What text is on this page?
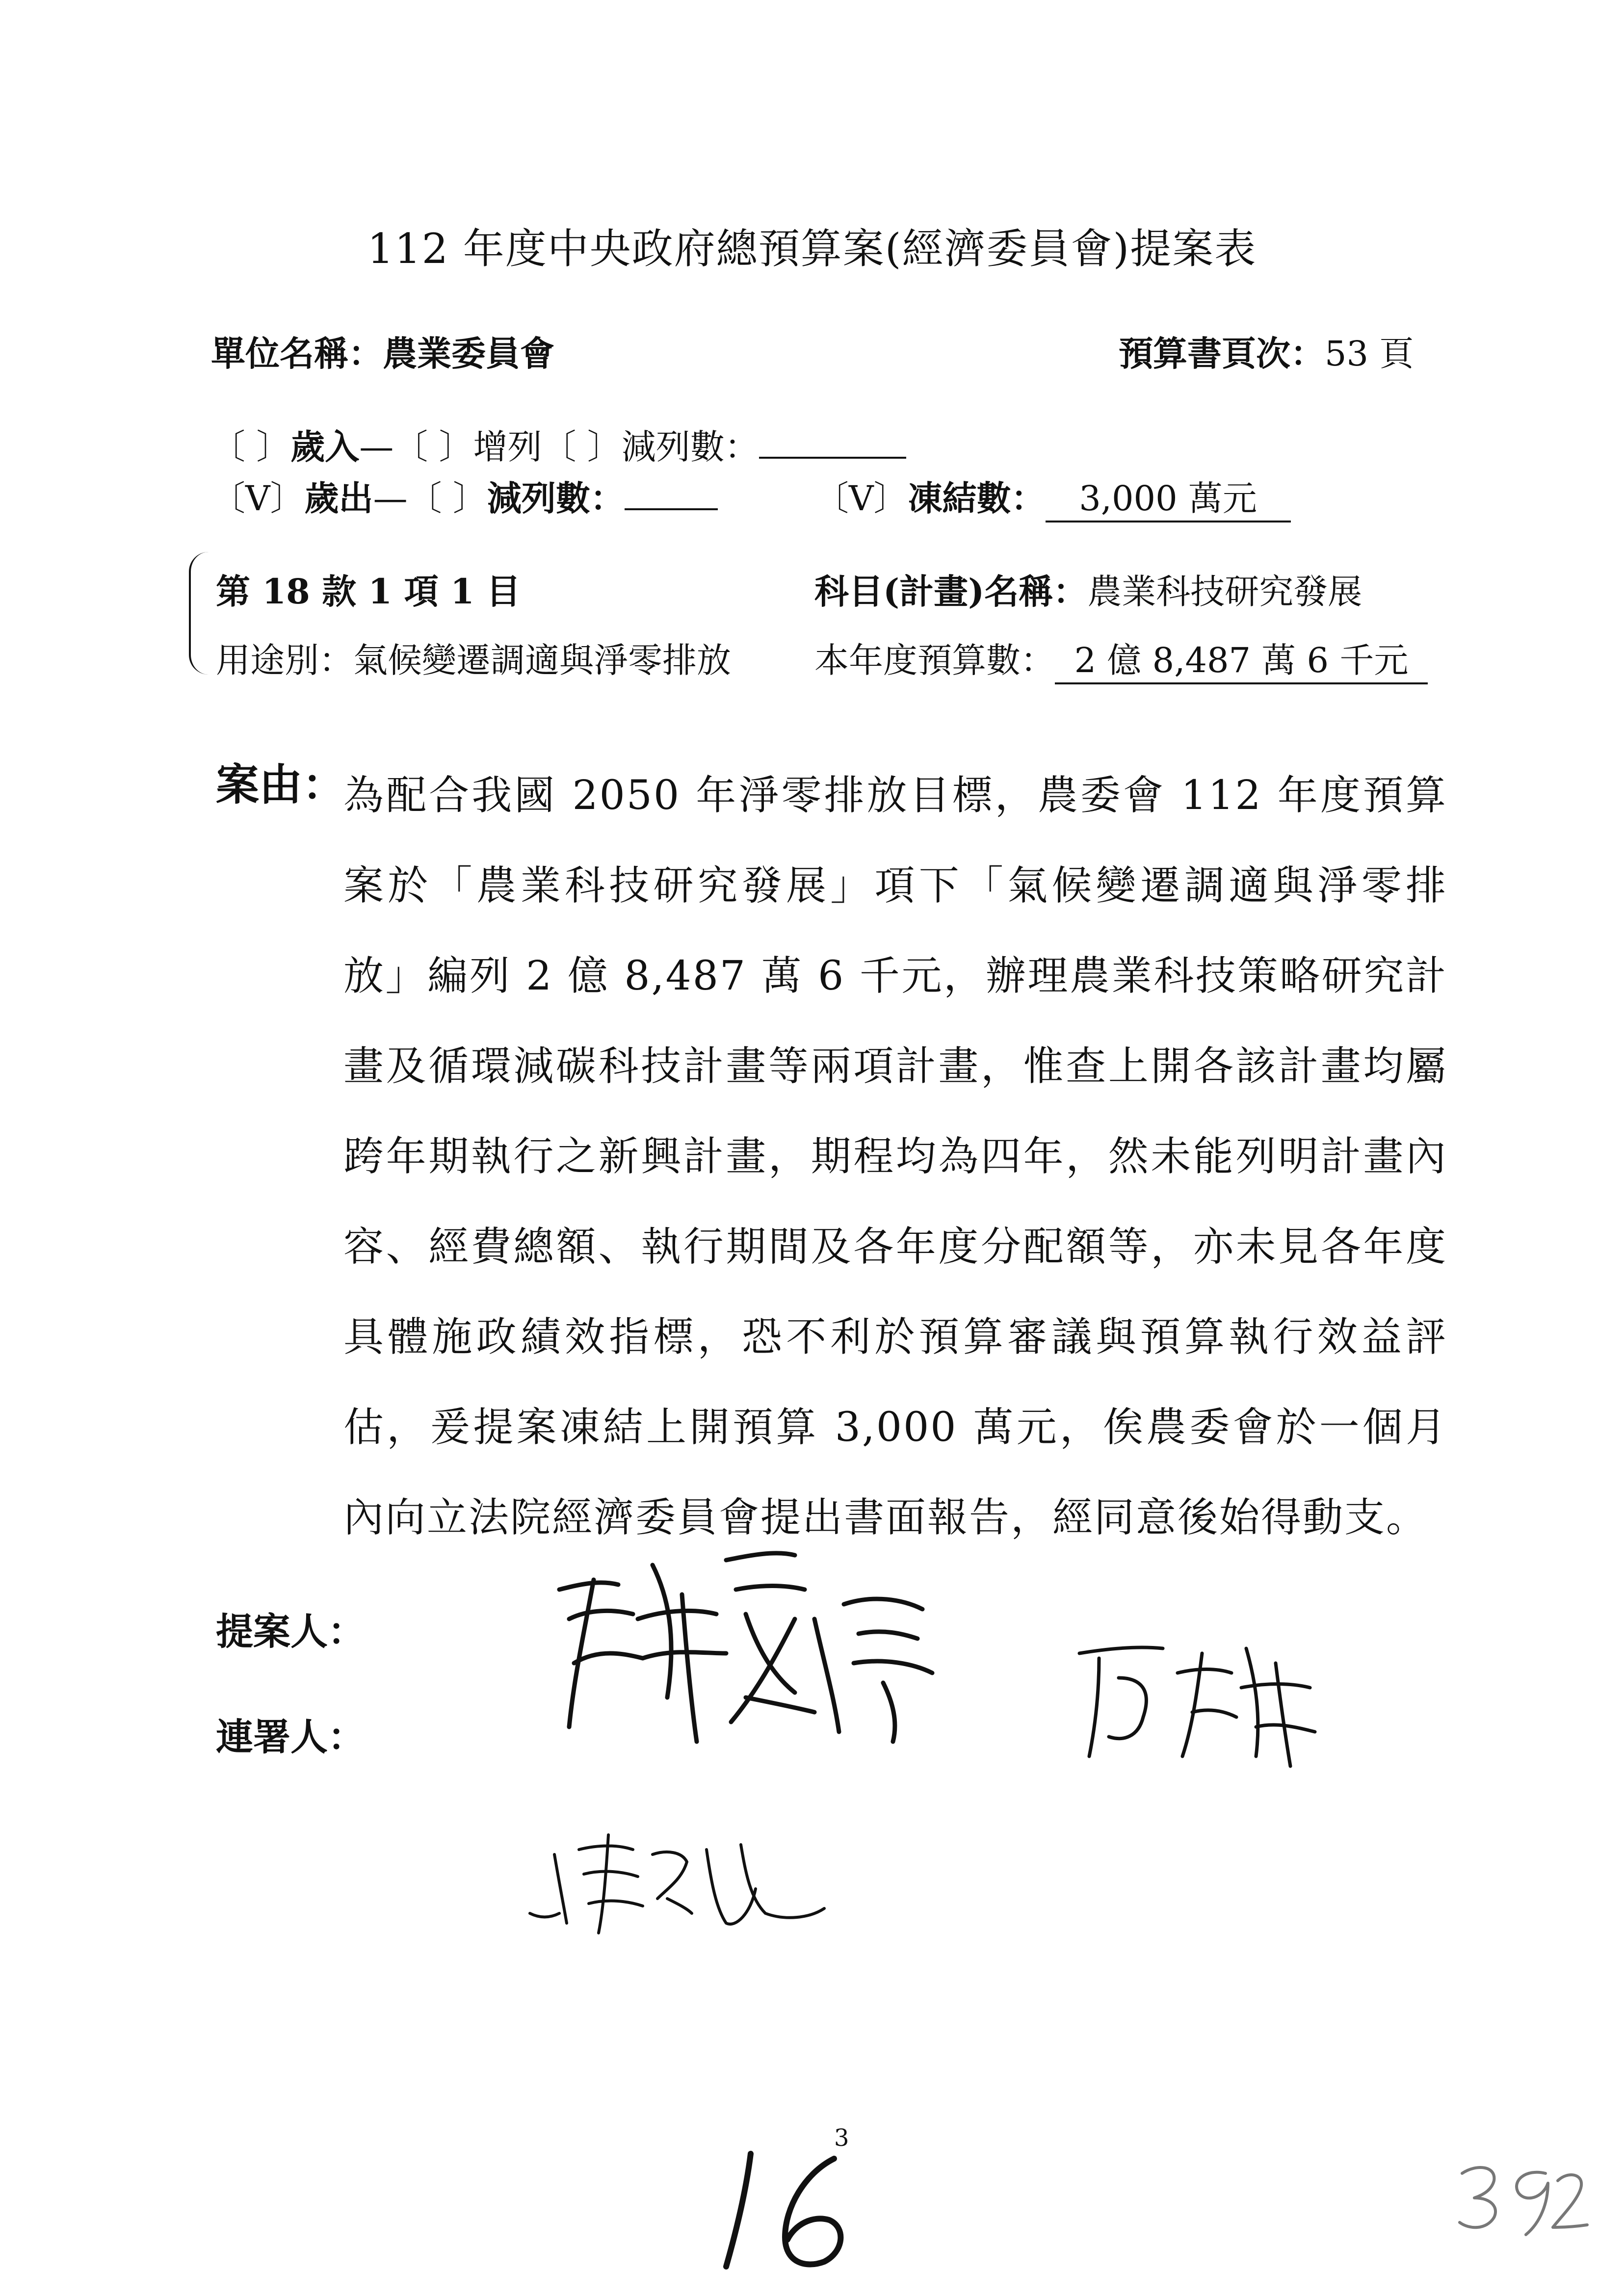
112 年度中央政府總預算案(經濟委員會)提案表
單位名稱：農業委員會	預算書頁次：53 頁
〔 〕歲入—〔 〕增列〔 〕減列數：
〔V〕歲出—〔 〕減列數：	〔V〕凍結數： 3,000 萬元
第 18 款 1 項 1 目	科目(計畫)名稱：農業科技研究發展
用途別：氣候變遷調適與淨零排放 本年度預算數： 2 億 8,487 萬 6 千元
案由：
為配合我國 2050 年淨零排放目標，農委會 112 年度預算案於「農業科技研究發展」項下「氣候變遷調適與淨零排放」編列 2 億 8,487 萬 6 千元，辦理農業科技策略研究計畫及循環減碳科技計畫等兩項計畫，惟查上開各該計畫均屬跨年期執行之新興計畫，期程均為四年，然未能列明計畫內容、經費總額、執行期間及各年度分配額等，亦未見各年度具體施政績效指標，恐不利於預算審議與預算執行效益評估，爰提案凍結上開預算 3,000 萬元，俟農委會於一個月內向立法院經濟委員會提出書面報告，經同意後始得動支。
提案人：
連署人：
3
